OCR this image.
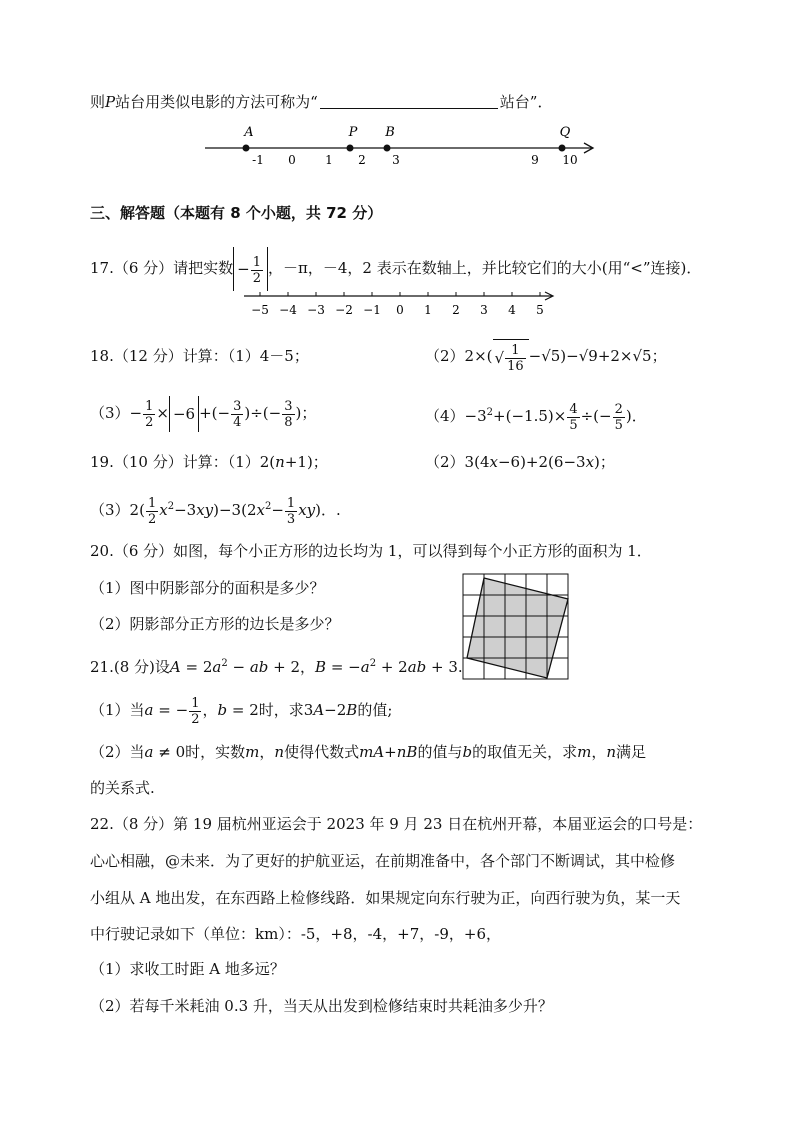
则P站台用类似电影的方法可称为“	站台”．
-1 0 1 2 3	9 10
A	P B	Q
三、解答题（本题有 8 个小题，共 72 分）
17.（6 分）请把实数 − $\frac{1}{2}$ ，－π，－4，2 表示在数轴上，并比较它们的大小(用“<”连接)．
−5 −4 −3 −2 −1 0 1 2 3 4 5
18.（12 分）计算：（1）4－5；	（2）2×( √ $\frac{1}{16} -√5)-√9+2\times√5$；
$(3)- \frac{1}{2} \times -6$ +(− $\frac{3}{4}$ )÷(− $\frac{3}{8}$ )；	$(4)-3^2+(-1.5)\times \frac{4}{5}$ ÷(− $\frac{2}{5}$ )．
19.（10 分）计算：（1）2(n+1)；	（2）3(4x−6)+2(6−3x)；
$(3)2( \frac{1}{2} x^2-3xy)-3(2x^2- \frac{1}{3} xy)$．.
20.（6 分）如图，每个小正方形的边长均为 1，可以得到每个小正方形的面积为 1．
（1）图中阴影部分的面积是多少？
（2）阴影部分正方形的边长是多少？
21.(8 分)设$A = 2a^2$ − ab + 2，$B = -a^2 + 2ab + 3$.
（1）当a = − $\frac{1}{2}$ ，b = 2时，求3A−2B的值;
（2）当a ≠ 0时，实数m，n使得代数式mA+nB的值与b的取值无关，求m，n满足
的关系式.
22.（8 分）第 19 届杭州亚运会于 2023 年 9 月 23 日在杭州开幕，本届亚运会的口号是：
心心相融，@未来．为了更好的护航亚运，在前期准备中，各个部门不断调试，其中检修
小组从 A 地出发，在东西路上检修线路．如果规定向东行驶为正，向西行驶为负，某一天
中行驶记录如下（单位：km）：-5，+8，-4，+7，-9，+6，
（1）求收工时距 A 地多远？
（2）若每千米耗油 0.3 升，当天从出发到检修结束时共耗油多少升？
